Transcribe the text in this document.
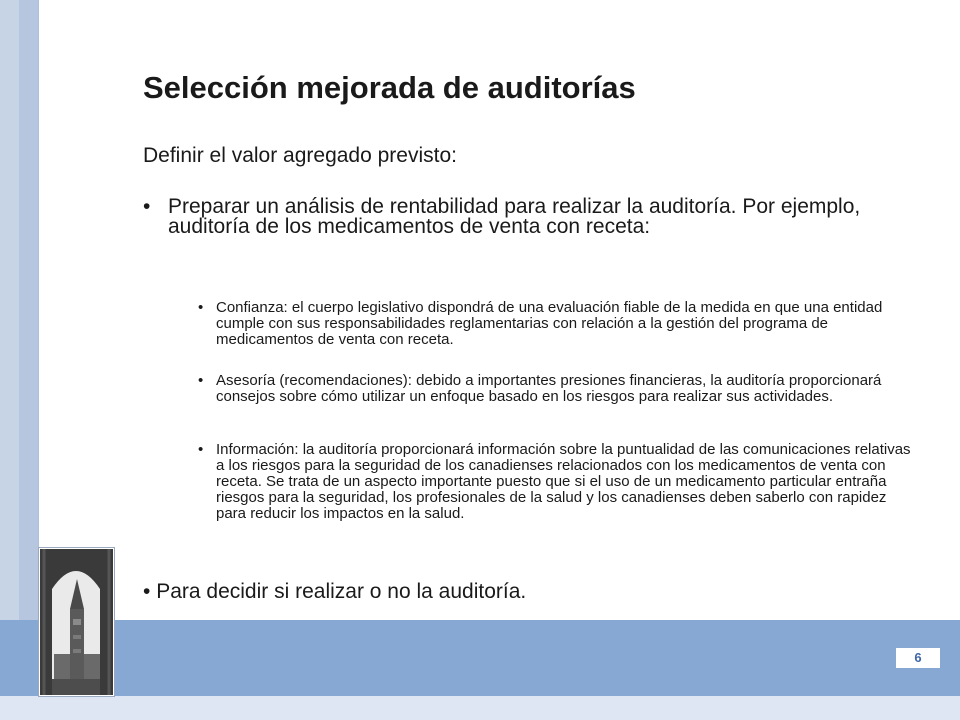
6
Selección mejorada de auditorías

Definir el valor agregado previsto:

• Preparar un análisis de rentabilidad para realizar la auditoría. Por ejemplo, auditoría de los medicamentos de venta con receta:
• Confianza: el cuerpo legislativo dispondrá de una evaluación fiable de la medida en que una entidad cumple con sus responsabilidades reglamentarias con relación a la gestión del programa de medicamentos de venta con receta.
• Asesoría (recomendaciones): debido a importantes presiones financieras, la auditoría proporcionará consejos sobre cómo utilizar un enfoque basado en los riesgos para realizar sus actividades.
• Información: la auditoría proporcionará información sobre la puntualidad de las comunicaciones relativas a los riesgos para la seguridad de los canadienses relacionados con los medicamentos de venta con receta. Se trata de un aspecto importante puesto que si el uso de un medicamento particular entraña riesgos para la seguridad, los profesionales de la salud y los canadienses deben saberlo con rapidez para reducir los impactos en la salud.
• Para decidir si realizar o no la auditoría.
